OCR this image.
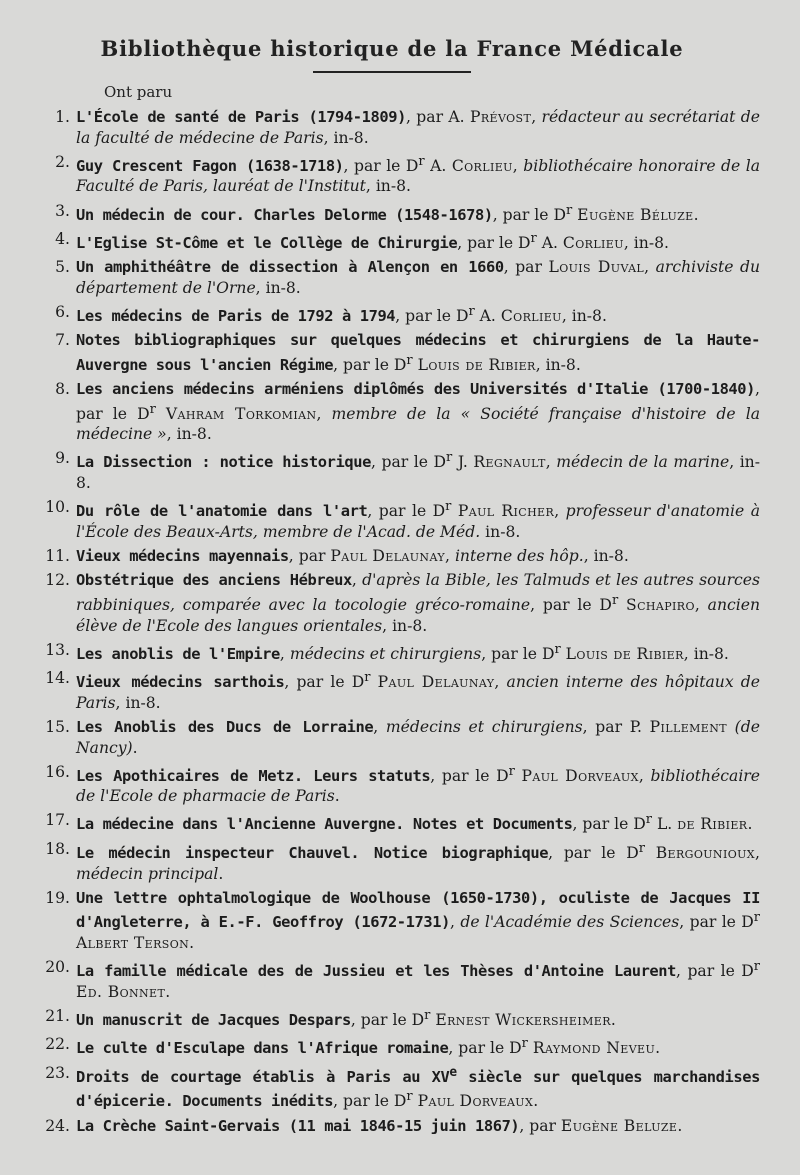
Bibliothèque historique de la France Médicale
Ont paru
1. L'École de santé de Paris (1794-1809), par A. Prévost, rédacteur au secrétariat de la faculté de médecine de Paris, in-8.
2. Guy Crescent Fagon (1638-1718), par le $D^r$ A. Corlieu, bibliothécaire honoraire de la Faculté de Paris, lauréat de l'Institut, in-8.
3. Un médecin de cour. Charles Delorme (1548-1678), par le $D^r$ Eugène Béluze.
4. L'Eglise St-Côme et le Collège de Chirurgie, par le $D^r$ A. Corlieu, in-8.
5. Un amphithéâtre de dissection à Alençon en 1660, par Louis Duval, archiviste du département de l'Orne, in-8.
6. Les médecins de Paris de 1792 à 1794, par le $D^r$ A. Corlieu, in-8.
7. Notes bibliographiques sur quelques médecins et chirurgiens de la Haute-Auvergne sous l'ancien Régime, par le $D^r$ Louis de Ribier, in-8.
8. Les anciens médecins arméniens diplômés des Universités d'Italie (1700-1840), par le $D^r$ Vahram Torkomian, membre de la « Société française d'histoire de la médecine », in-8.
9. La Dissection : notice historique, par le $D^r$ J. Regnault, médecin de la marine, in-8.
10. Du rôle de l'anatomie dans l'art, par le $D^r$ Paul Richer, professeur d'anatomie à l'École des Beaux-Arts, membre de l'Acad. de Méd. in-8.
11. Vieux médecins mayennais, par Paul Delaunay, interne des hôp., in-8.
12. Obstétrique des anciens Hébreux, d'après la Bible, les Talmuds et les autres sources rabbiniques, comparée avec la tocologie gréco-romaine, par le $D^r$ Schapiro, ancien élève de l'Ecole des langues orientales, in-8.
13. Les anoblis de l'Empire, médecins et chirurgiens, par le $D^r$ Louis de Ribier, in-8.
14. Vieux médecins sarthois, par le $D^r$ Paul Delaunay, ancien interne des hôpitaux de Paris, in-8.
15. Les Anoblis des Ducs de Lorraine, médecins et chirurgiens, par P. Pillement (de Nancy).
16. Les Apothicaires de Metz. Leurs statuts, par le $D^r$ Paul Dorveaux, bibliothécaire de l'Ecole de pharmacie de Paris.
17. La médecine dans l'Ancienne Auvergne. Notes et Documents, par le $D^r$ L. de Ribier.
18. Le médecin inspecteur Chauvel. Notice biographique, par le $D^r$ Bergounioux, médecin principal.
19. Une lettre ophtalmologique de Woolhouse (1650-1730), oculiste de Jacques II d'Angleterre, à E.-F. Geoffroy (1672-1731), de l'Académie des Sciences, par le $D^r$ Albert Terson.
20. La famille médicale des de Jussieu et les Thèses d'Antoine Laurent, par le $D^r$ Ed. Bonnet.
21. Un manuscrit de Jacques Despars, par le $D^r$ Ernest Wickersheimer.
22. Le culte d'Esculape dans l'Afrique romaine, par le $D^r$ Raymond Neveu.
23. Droits de courtage établis à Paris au XVe siècle sur quelques marchandises d'épicerie. Documents inédits, par le $D^r$ Paul Dorveaux.
24. La Crèche Saint-Gervais (11 mai 1846-15 juin 1867), par Eugène Beluze.
